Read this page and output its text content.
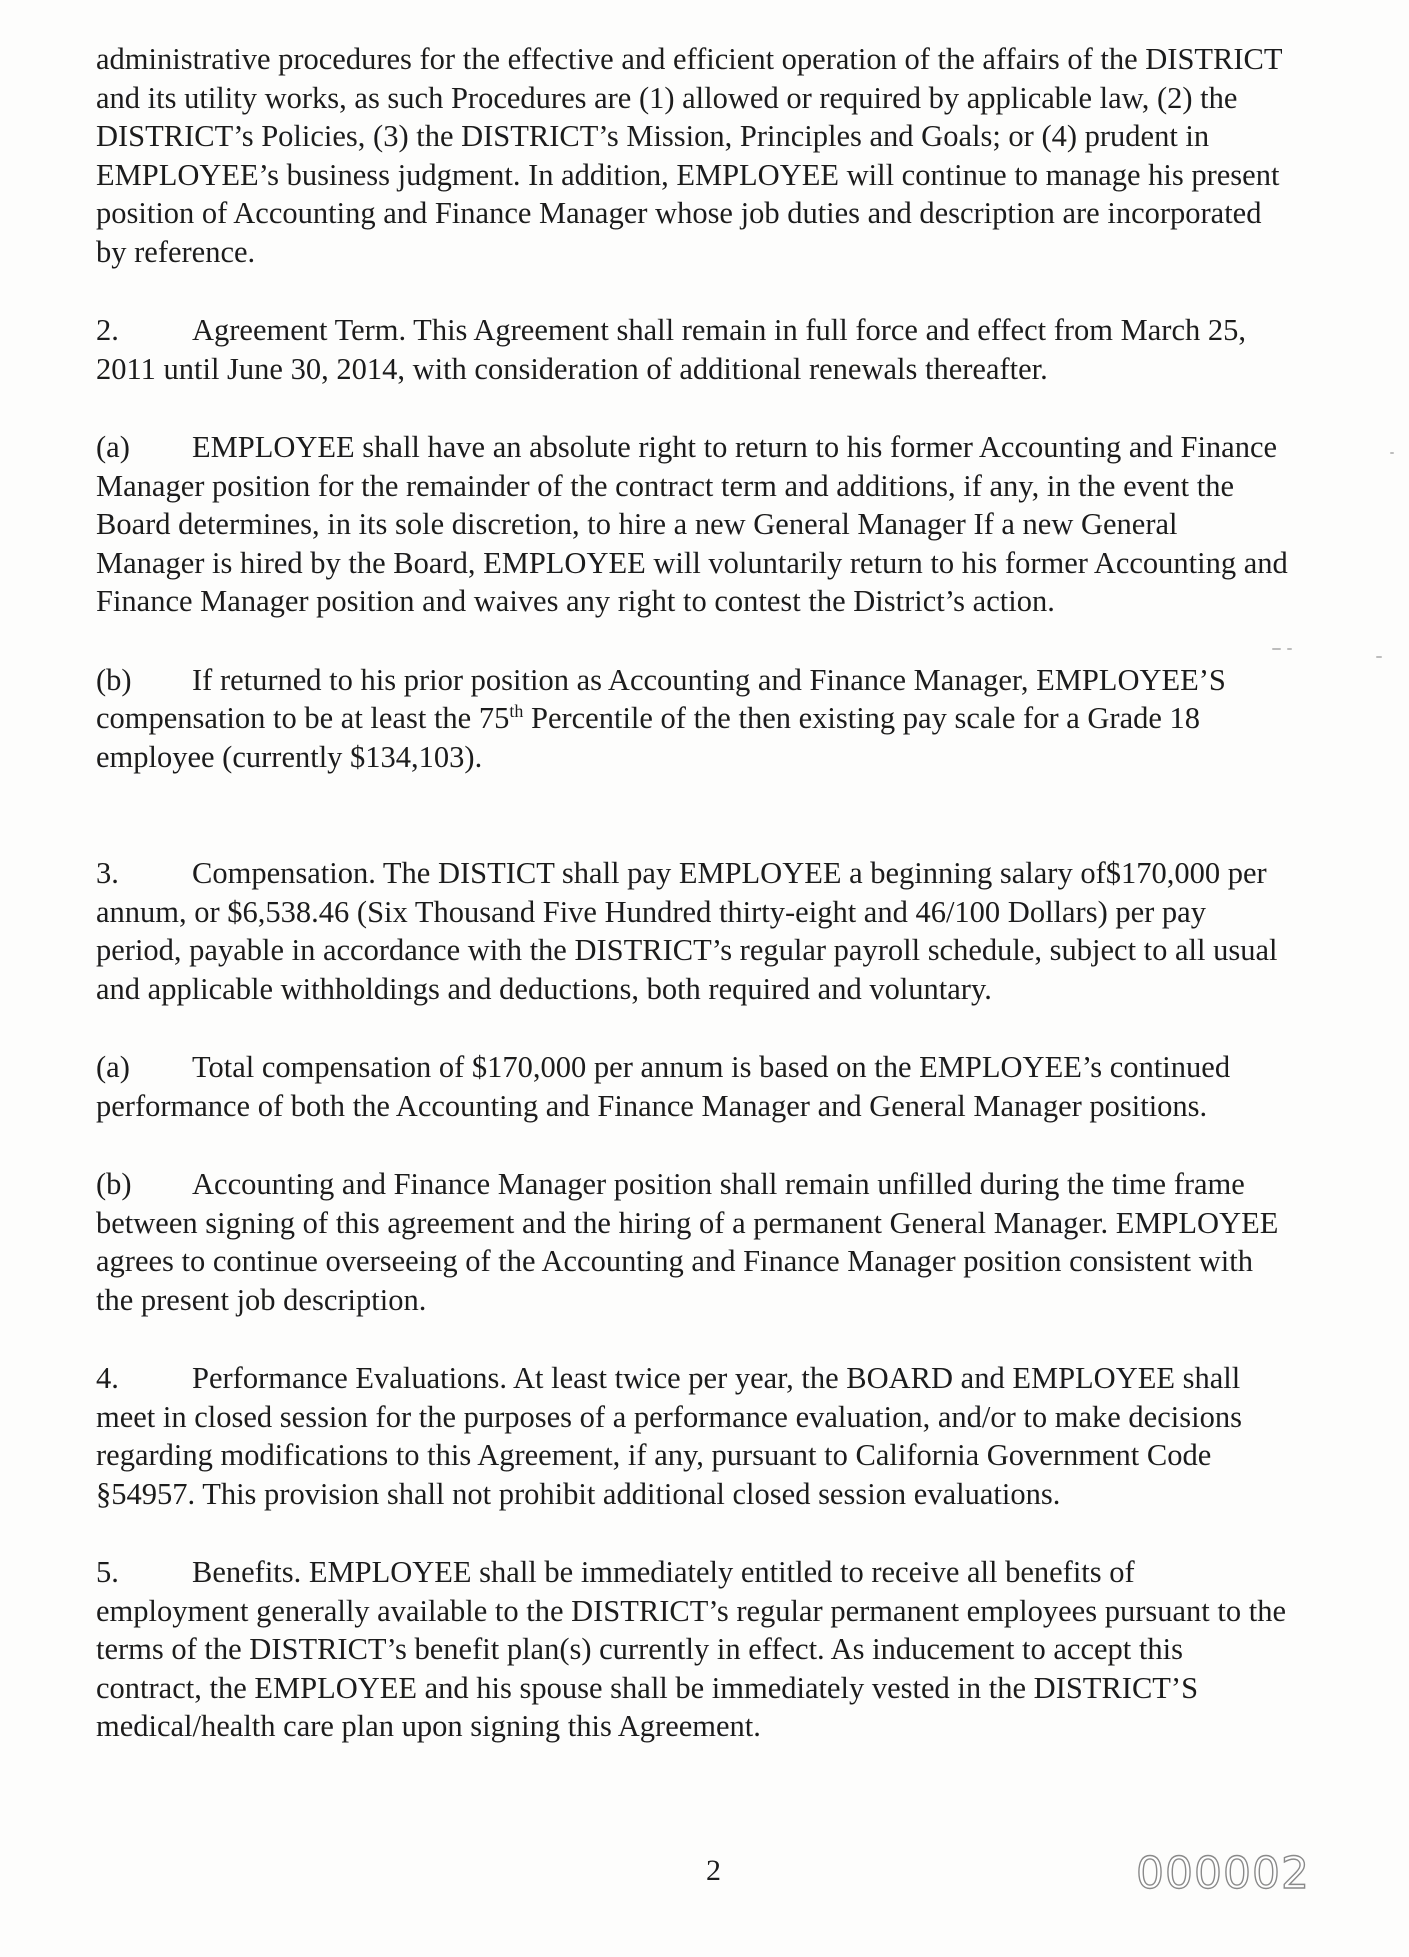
administrative procedures for the effective and efficient operation of the affairs of the DISTRICT
and its utility works, as such Procedures are (1) allowed or required by applicable law, (2) the
DISTRICT’s Policies, (3) the DISTRICT’s Mission, Principles and Goals; or (4) prudent in
EMPLOYEE’s business judgment. In addition, EMPLOYEE will continue to manage his present
position of Accounting and Finance Manager whose job duties and description are incorporated
by reference.
2. Agreement Term. This Agreement shall remain in full force and effect from March 25,
2011 until June 30, 2014, with consideration of additional renewals thereafter.
(a) EMPLOYEE shall have an absolute right to return to his former Accounting and Finance
Manager position for the remainder of the contract term and additions, if any, in the event the
Board determines, in its sole discretion, to hire a new General Manager If a new General
Manager is hired by the Board, EMPLOYEE will voluntarily return to his former Accounting and
Finance Manager position and waives any right to contest the District’s action.
(b) If returned to his prior position as Accounting and Finance Manager, EMPLOYEE’S
compensation to be at least the 75th Percentile of the then existing pay scale for a Grade 18
employee (currently $134,103).
3. Compensation. The DISTICT shall pay EMPLOYEE a beginning salary of$170,000 per
annum, or $6,538.46 (Six Thousand Five Hundred thirty-eight and 46/100 Dollars) per pay
period, payable in accordance with the DISTRICT’s regular payroll schedule, subject to all usual
and applicable withholdings and deductions, both required and voluntary.
(a) Total compensation of $170,000 per annum is based on the EMPLOYEE’s continued
performance of both the Accounting and Finance Manager and General Manager positions.
(b) Accounting and Finance Manager position shall remain unfilled during the time frame
between signing of this agreement and the hiring of a permanent General Manager. EMPLOYEE
agrees to continue overseeing of the Accounting and Finance Manager position consistent with
the present job description.
4. Performance Evaluations. At least twice per year, the BOARD and EMPLOYEE shall
meet in closed session for the purposes of a performance evaluation, and/or to make decisions
regarding modifications to this Agreement, if any, pursuant to California Government Code
§54957. This provision shall not prohibit additional closed session evaluations.
5. Benefits. EMPLOYEE shall be immediately entitled to receive all benefits of
employment generally available to the DISTRICT’s regular permanent employees pursuant to the
terms of the DISTRICT’s benefit plan(s) currently in effect. As inducement to accept this
contract, the EMPLOYEE and his spouse shall be immediately vested in the DISTRICT’S
medical/health care plan upon signing this Agreement.
2	000002
